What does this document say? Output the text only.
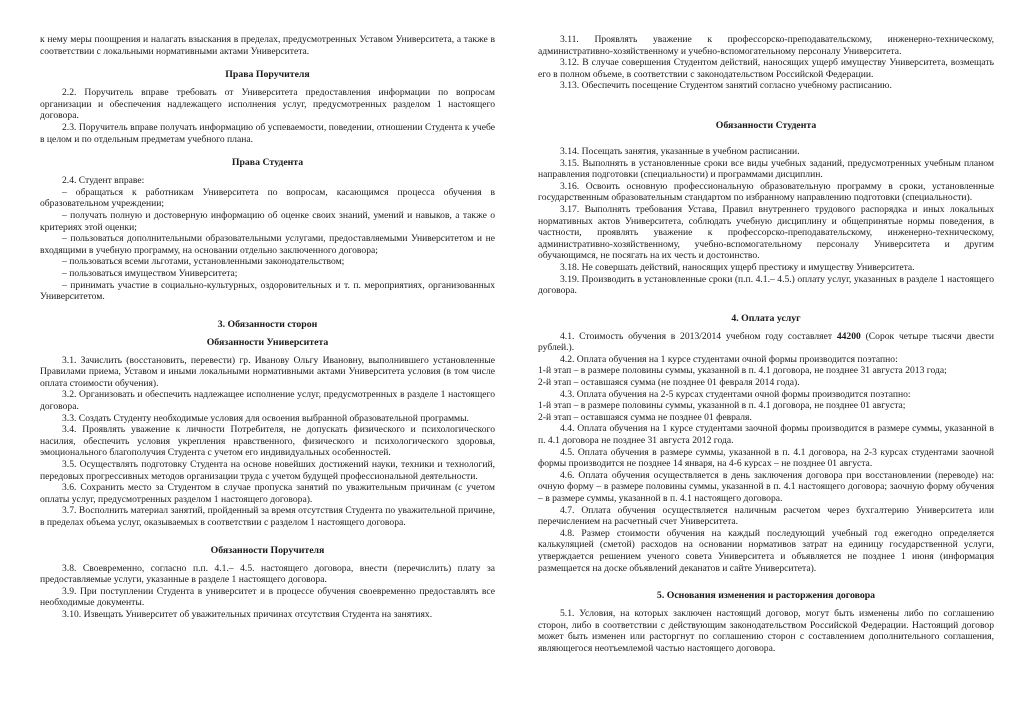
к нему меры поощрения и налагать взыскания в пределах, предусмотренных Уставом Университета, а также в соответствии с локальными нормативными актами Университета.

Права Поручителя

2.2. Поручитель вправе требовать от Университета предоставления информации по вопросам организации и обеспечения надлежащего исполнения услуг, предусмотренных разделом 1 настоящего договора.

2.3. Поручитель вправе получать информацию об успеваемости, поведении, отношении Студента к учебе в целом и по отдельным предметам учебного плана.

Права Студента

2.4. Студент вправе:

– обращаться к работникам Университета по вопросам, касающимся процесса обучения в образовательном учреждении;

– получать полную и достоверную информацию об оценке своих знаний, умений и навыков, а также о критериях этой оценки;

– пользоваться дополнительными образовательными услугами, предоставляемыми Университетом и не входящими в учебную программу, на основании отдельно заключенного договора;

– пользоваться всеми льготами, установленными законодательством;

– пользоваться имуществом Университета;

– принимать участие в социально-культурных, оздоровительных и т. п. мероприятиях, организованных Университетом.

3. Обязанности сторон
Обязанности Университета

3.1. Зачислить (восстановить, перевести) гр. Иванову Ольгу Ивановну, выполнившего установленные Правилами приема, Уставом и иными локальными нормативными актами Университета условия (в том числе оплата стоимости обучения).

3.2. Организовать и обеспечить надлежащее исполнение услуг, предусмотренных в разделе 1 настоящего договора.

3.3. Создать Студенту необходимые условия для освоения выбранной образовательной программы.

3.4. Проявлять уважение к личности Потребителя, не допускать физического и психологического насилия, обеспечить условия укрепления нравственного, физического и психологического здоровья, эмоционального благополучия Студента с учетом его индивидуальных особенностей.

3.5. Осуществлять подготовку Студента на основе новейших достижений науки, техники и технологий, передовых прогрессивных методов организации труда с учетом будущей профессиональной деятельности.

3.6. Сохранить место за Студентом в случае пропуска занятий по уважительным причинам (с учетом оплаты услуг, предусмотренных разделом 1 настоящего договора).

3.7. Восполнить материал занятий, пройденный за время отсутствия Студента по уважительной причине, в пределах объема услуг, оказываемых в соответствии с разделом 1 настоящего договора.

Обязанности Поручителя

3.8. Своевременно, согласно п.п. 4.1.– 4.5. настоящего договора, внести (перечислить) плату за предоставляемые услуги, указанные в разделе 1 настоящего договора.

3.9. При поступлении Студента в университет и в процессе обучения своевременно предоставлять все необходимые документы.

3.10. Извещать Университет об уважительных причинах отсутствия Студента на занятиях.

3.11. Проявлять уважение к профессорско-преподавательскому, инженерно-техническому, административно-хозяйственному и учебно-вспомогательному персоналу Университета.

3.12. В случае совершения Студентом действий, наносящих ущерб имуществу Университета, возмещать его в полном объеме, в соответствии с законодательством Российской Федерации.

3.13. Обеспечить посещение Студентом занятий согласно учебному расписанию.

Обязанности Студента

3.14. Посещать занятия, указанные в учебном расписании.

3.15. Выполнять в установленные сроки все виды учебных заданий, предусмотренных учебным планом направления подготовки (специальности) и программами дисциплин.

3.16. Освоить основную профессиональную образовательную программу в сроки, установленные государственным образовательным стандартом по избранному направлению подготовки (специальности).

3.17. Выполнять требования Устава, Правил внутреннего трудового распорядка и иных локальных нормативных актов Университета, соблюдать учебную дисциплину и общепринятые нормы поведения, в частности, проявлять уважение к профессорско-преподавательскому, инженерно-техническому, административно-хозяйственному, учебно-вспомогательному персоналу Университета и другим обучающимся, не посягать на их честь и достоинство.

3.18. Не совершать действий, наносящих ущерб престижу и имуществу Университета.

3.19. Производить в установленные сроки (п.п. 4.1.– 4.5.) оплату услуг, указанных в разделе 1 настоящего договора.

4. Оплата услуг

4.1. Стоимость обучения в 2013/2014 учебном году составляет 44200 (Сорок четыре тысячи двести рублей.).

4.2. Оплата обучения на 1 курсе студентами очной формы производится поэтапно:

1-й этап – в размере половины суммы, указанной в п. 4.1 договора, не позднее 31 августа 2013 года;

2-й этап – оставшаяся сумма (не позднее 01 февраля 2014 года).

4.3. Оплата обучения на 2-5 курсах студентами очной формы производится поэтапно:

1-й этап – в размере половины суммы, указанной в п. 4.1 договора, не позднее 01 августа;

2-й этап – оставшаяся сумма не позднее 01 февраля.

4.4. Оплата обучения на 1 курсе студентами заочной формы производится в размере суммы, указанной в п. 4.1 договора не позднее 31 августа 2012 года.

4.5. Оплата обучения в размере суммы, указанной в п. 4.1 договора, на 2-3 курсах студентами заочной формы производится не позднее 14 января, на 4-6 курсах – не позднее 01 августа.

4.6. Оплата обучения осуществляется в день заключения договора при восстановлении (переводе) на: очную форму – в размере половины суммы, указанной в п. 4.1 настоящего договора; заочную форму обучения – в размере суммы, указанной в п. 4.1 настоящего договора.

4.7. Оплата обучения осуществляется наличным расчетом через бухгалтерию Университета или перечислением на расчетный счет Университета.

4.8. Размер стоимости обучения на каждый последующий учебный год ежегодно определяется калькуляцией (сметой) расходов на основании нормативов затрат на единицу государственной услуги, утверждается решением ученого совета Университета и объявляется не позднее 1 июня (информация размещается на доске объявлений деканатов и сайте Университета).

5. Основания изменения и расторжения договора

5.1. Условия, на которых заключен настоящий договор, могут быть изменены либо по соглашению сторон, либо в соответствии с действующим законодательством Российской Федерации. Настоящий договор может быть изменен или расторгнут по соглашению сторон с составлением дополнительного соглашения, являющегося неотъемлемой частью настоящего договора.
